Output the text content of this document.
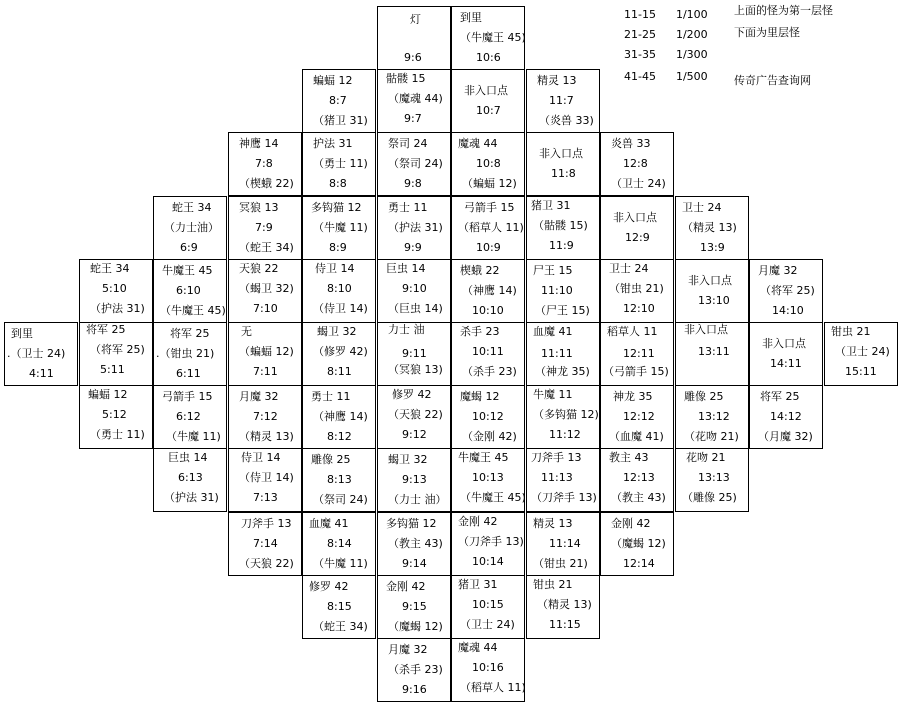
灯
9:6
到里
（牛魔王 45)
10:6
蝙蝠 12
8:7
（猪卫 31)
骷髅 15
（魔魂 44)
9:7
非入口点
10:7
精灵 13
11:7
（炎兽 33)
神鹰 14
7:8
（楔蛾 22)
护法 31
（勇士 11)
8:8
祭司 24
（祭司 24)
9:8
魔魂 44
10:8
（蝙蝠 12)
非入口点
11:8
炎兽 33
12:8
（卫士 24)
蛇王 34
（力士油）
6:9
冥狼 13
7:9
（蛇王 34)
多钩猫 12
（牛魔 11)
8:9
勇士 11
（护法 31)
9:9
弓箭手 15
（稻草人 11)
10:9
猪卫 31
（骷髅 15)
11:9
非入口点
12:9
卫士 24
（精灵 13)
13:9
蛇王 34
5:10
（护法 31)
牛魔王 45
6:10
（牛魔王 45)
天狼 22
（蝎卫 32)
7:10
侍卫 14
8:10
（侍卫 14)
巨虫 14
9:10
（巨虫 14)
楔蛾 22
（神鹰 14)
10:10
尸王 15
11:10
（尸王 15)
卫士 24
（钳虫 21)
12:10
非入口点
13:10
月魔 32
（将军 25)
14:10
到里
.（卫士 24)
4:11
将军 25
（将军 25)
5:11
将军 25
.（钳虫 21)
6:11
无
（蝙蝠 12)
7:11
蝎卫 32
（修罗 42)
8:11
力士 油
9:11
（冥狼 13)
杀手 23
10:11
（杀手 23)
血魔 41
11:11
（神龙 35)
稻草人 11
12:11
（弓箭手 15)
非入口点
13:11
非入口点
14:11
钳虫 21
（卫士 24)
15:11
蝙蝠 12
5:12
（勇士 11)
弓箭手 15
6:12
（牛魔 11)
月魔 32
7:12
（精灵 13)
勇士 11
（神鹰 14)
8:12
修罗 42
（天狼 22)
9:12
魔蝎 12
10:12
（金刚 42)
牛魔 11
（多钩猫 12)
11:12
神龙 35
12:12
（血魔 41)
雕像 25
13:12
（花吻 21)
将军 25
14:12
（月魔 32)
巨虫 14
6:13
（护法 31)
侍卫 14
（侍卫 14)
7:13
雕像 25
8:13
（祭司 24)
蝎卫 32
9:13
（力士 油）
牛魔王 45
10:13
（牛魔王 45)
刀斧手 13
11:13
（刀斧手 13)
教主 43
12:13
（教主 43)
花吻 21
13:13
（雕像 25)
刀斧手 13
7:14
（天狼 22)
血魔 41
8:14
（牛魔 11)
多钩猫 12
（教主 43)
9:14
金刚 42
（刀斧手 13)
10:14
精灵 13
11:14
（钳虫 21)
金刚 42
（魔蝎 12)
12:14
修罗 42
8:15
（蛇王 34)
金刚 42
9:15
（魔蝎 12)
猪卫 31
10:15
（卫士 24)
钳虫 21
（精灵 13)
11:15
月魔 32
（杀手 23)
9:16
魔魂 44
10:16
（稻草人 11)
11-15 1/100
21-25 1/200
31-35 1/300
41-45 1/500
上面的怪为第一层怪
下面为里层怪
传奇广告查询网
